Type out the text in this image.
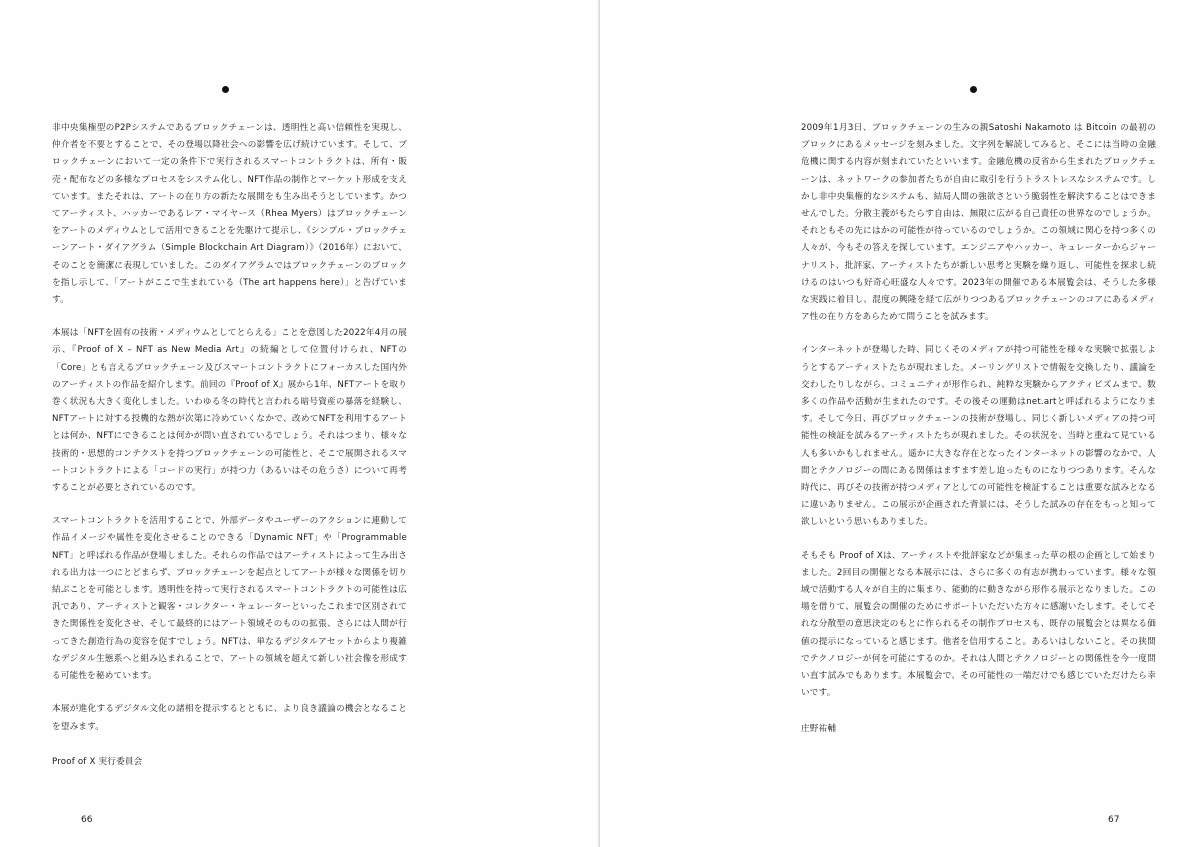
非中央集権型のP2Pシステムであるブロックチェーンは、透明性と高い信頼性を実現し、仲介者を不要とすることで、その登場以降社会への影響を広げ続けています。そして、ブロックチェーンにおいて一定の条件下で実行されるスマートコントラクトは、所有・販売・配布などの多様なプロセスをシステム化し、NFT作品の制作とマーケット形成を支えています。またそれは、アートの在り方の新たな展開をも生み出そうとしています。かつてアーティスト、ハッカーであるレア・マイヤース（Rhea Myers）はブロックチェーンをアートのメディウムとして活用できることを先駆けて提示し、《シンプル・ブロックチェーンアート・ダイアグラム（Simple Blockchain Art Diagram）》（2016年）において、そのことを簡潔に表現していました。このダイアグラムではブロックチェーンのブロックを指し示して、「アートがここで生まれている（The art happens here）」と告げています。

本展は「NFTを固有の技術・メディウムとしてとらえる」ことを意図した2022年4月の展示、『Proof of X – NFT as New Media Art』の続編として位置付けられ、NFTの「Core」とも言えるブロックチェーン及びスマートコントラクトにフォーカスした国内外のアーティストの作品を紹介します。前回の『Proof of X』展から1年、NFTアートを取り巻く状況も大きく変化しました。いわゆる冬の時代と言われる暗号資産の暴落を経験し、NFTアートに対する投機的な熱が次第に冷めていくなかで、改めてNFTを利用するアートとは何か、NFTにできることは何かが問い直されているでしょう。それはつまり、様々な技術的・思想的コンテクストを持つブロックチェーンの可能性と、そこで展開されるスマートコントラクトによる「コードの実行」が持つ力（あるいはその危うさ）について再考することが必要とされているのです。

スマートコントラクトを活用することで、外部データやユーザーのアクションに連動して作品イメージや属性を変化させることのできる「Dynamic NFT」や「Programmable NFT」と呼ばれる作品が登場しました。それらの作品ではアーティストによって生み出される出力は一つにとどまらず、ブロックチェーンを起点としてアートが様々な関係を切り結ぶことを可能とします。透明性を持って実行されるスマートコントラクトの可能性は広汎であり、アーティストと観客・コレクター・キュレーターといったこれまで区別されてきた関係性を変化させ、そして最終的にはアート領域そのものの拡張、さらには人間が行ってきた創造行為の変容を促すでしょう。NFTは、単なるデジタルアセットからより複雑なデジタル生態系へと組み込まれることで、アートの領域を超えて新しい社会像を形成する可能性を秘めています。

本展が進化するデジタル文化の諸相を提示するとともに、より良き議論の機会となることを望みます。

Proof of X 実行委員会

66

2009年1月3日、ブロックチェーンの生みの親Satoshi Nakamoto は Bitcoin の最初のブロックにあるメッセージを刻みました。文字列を解読してみると、そこには当時の金融危機に関する内容が刻まれていたといいます。金融危機の反省から生まれたブロックチェーンは、ネットワークの参加者たちが自由に取引を行うトラストレスなシステムです。しかし非中央集権的なシステムも、結局人間の強欲さという脆弱性を解決することはできませんでした。分散主義がもたらす自由は、無限に広がる自己責任の世界なのでしょうか。それともその先にはかの可能性が待っているのでしょうか。この領域に関心を持つ多くの人々が、今もその答えを探しています。エンジニアやハッカー、キュレーターからジャーナリスト、批評家、アーティストたちが新しい思考と実験を繰り返し、可能性を探求し続けるのはいつも好奇心旺盛な人々です。2023年の開催である本展覧会は、そうした多様な実践に着目し、混度の興隆を経て広がりつつあるブロックチェーンのコアにあるメディア性の在り方をあらためて問うことを試みます。

インターネットが登場した時、同じくそのメディアが持つ可能性を様々な実験で拡張しようとするアーティストたちが現れました。メーリングリストで情報を交換したり、議論を交わしたりしながら、コミュニティが形作られ、純粋な実験からアクティビズムまで、数多くの作品や活動が生まれたのです。その後その運動はnet.artと呼ばれるようになります。そして今日、再びブロックチェーンの技術が登場し、同じく新しいメディアの持つ可能性の検証を試みるアーティストたちが現れました。その状況を、当時と重ねて見ている人も多いかもしれません。遥かに大きな存在となったインターネットの影響のなかで、人間とテクノロジーの間にある関係はますます差し迫ったものになりつつあります。そんな時代に、再びその技術が持つメディアとしての可能性を検証することは重要な試みとなるに違いありません。この展示が企画された背景には、そうした試みの存在をもっと知って欲しいという思いもありました。

そもそも Proof of Xは、アーティストや批評家などが集まった草の根の企画として始まりました。2回目の開催となる本展示には、さらに多くの有志が携わっています。様々な領域で活動する人々が自主的に集まり、能動的に動きながら形作る展示となりました。この場を借りて、展覧会の開催のためにサポートいただいた方々に感謝いたします。そしてそれな分散型の意思決定のもとに作られるその制作プロセスも、既存の展覧会とは異なる価値の提示になっていると感じます。他者を信用すること。あるいはしないこと。その狭間でテクノロジーが何を可能にするのか。それは人間とテクノロジーとの関係性を今一度問い直す試みでもあります。本展覧会で、その可能性の一端だけでも感じていただけたら幸いです。

庄野祐輔

67
